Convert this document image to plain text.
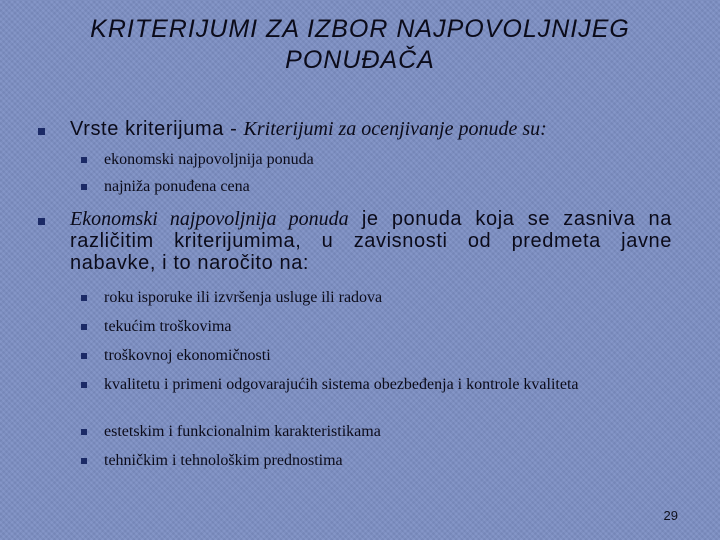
KRITERIJUMI ZA IZBOR NAJPOVOLJNIJEG PONUĐAČA
Vrste kriterijuma - Kriterijumi za ocenjivanje ponude su:
ekonomski najpovoljnija ponuda
najniža ponuđena cena
Ekonomski najpovoljnija ponuda je ponuda koja se zasniva na različitim kriterijumima, u zavisnosti od predmeta javne nabavke, i to naročito na:
roku isporuke ili izvršenja usluge ili radova
tekućim troškovima
troškovnoj ekonomičnosti
kvalitetu i primeni odgovarajućih sistema obezbeđenja i kontrole kvaliteta
estetskim i funkcionalnim karakteristikama
tehničkim i tehnološkim prednostima
29
